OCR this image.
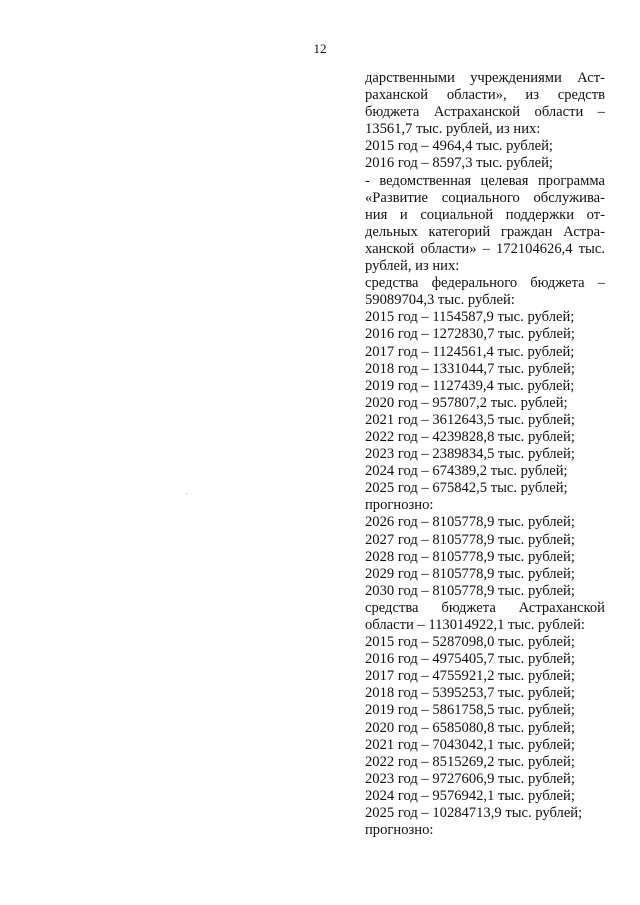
12
дарственными учреждениями Аст-
раханской области», из средств
бюджета Астраханской области –
13561,7 тыс. рублей, из них:
2015 год – 4964,4 тыс. рублей;
2016 год – 8597,3 тыс. рублей;
- ведомственная целевая программа
«Развитие социального обслужива-
ния и социальной поддержки от-
дельных категорий граждан Астра-
ханской области» – 172104626,4 тыс.
рублей, из них:
средства федерального бюджета –
59089704,3 тыс. рублей:
2015 год – 1154587,9 тыс. рублей;
2016 год – 1272830,7 тыс. рублей;
2017 год – 1124561,4 тыс. рублей;
2018 год – 1331044,7 тыс. рублей;
2019 год – 1127439,4 тыс. рублей;
2020 год – 957807,2 тыс. рублей;
2021 год – 3612643,5 тыс. рублей;
2022 год – 4239828,8 тыс. рублей;
2023 год – 2389834,5 тыс. рублей;
2024 год – 674389,2 тыс. рублей;
2025 год – 675842,5 тыс. рублей;
прогнозно:
2026 год – 8105778,9 тыс. рублей;
2027 год – 8105778,9 тыс. рублей;
2028 год – 8105778,9 тыс. рублей;
2029 год – 8105778,9 тыс. рублей;
2030 год – 8105778,9 тыс. рублей;
средства бюджета Астраханской
области – 113014922,1 тыс. рублей:
2015 год – 5287098,0 тыс. рублей;
2016 год – 4975405,7 тыс. рублей;
2017 год – 4755921,2 тыс. рублей;
2018 год – 5395253,7 тыс. рублей;
2019 год – 5861758,5 тыс. рублей;
2020 год – 6585080,8 тыс. рублей;
2021 год – 7043042,1 тыс. рублей;
2022 год – 8515269,2 тыс. рублей;
2023 год – 9727606,9 тыс. рублей;
2024 год – 9576942,1 тыс. рублей;
2025 год – 10284713,9 тыс. рублей;
прогнозно:
